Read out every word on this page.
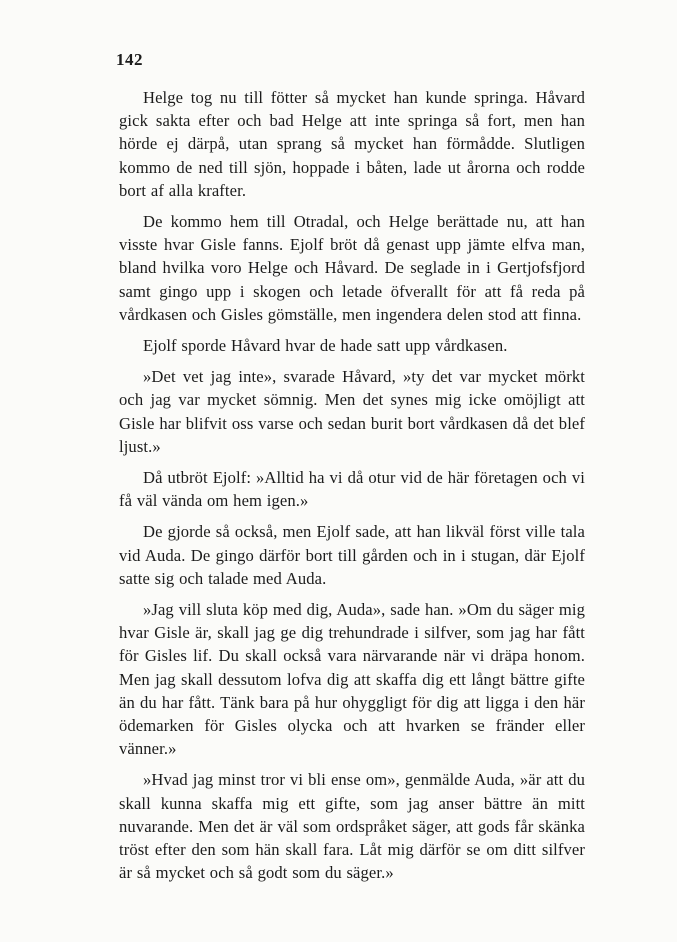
142

Helge tog nu till fötter så mycket han kunde springa. Håvard gick sakta efter och bad Helge att inte springa så fort, men han hörde ej därpå, utan sprang så mycket han förmådde. Slutligen kommo de ned till sjön, hoppade i båten, lade ut årorna och rodde bort af alla krafter.

De kommo hem till Otradal, och Helge berättade nu, att han visste hvar Gisle fanns. Ejolf bröt då genast upp jämte elfva man, bland hvilka voro Helge och Håvard. De seglade in i Gertjofsfjord samt gingo upp i skogen och letade öfverallt för att få reda på vårdkasen och Gisles gömställe, men ingendera delen stod att finna.

Ejolf sporde Håvard hvar de hade satt upp vårdkasen.

»Det vet jag inte», svarade Håvard, »ty det var mycket mörkt och jag var mycket sömnig. Men det synes mig icke omöjligt att Gisle har blifvit oss varse och sedan burit bort vårdkasen då det blef ljust.»

Då utbröt Ejolf: »Alltid ha vi då otur vid de här företagen och vi få väl vända om hem igen.»

De gjorde så också, men Ejolf sade, att han likväl först ville tala vid Auda. De gingo därför bort till gården och in i stugan, där Ejolf satte sig och talade med Auda.

»Jag vill sluta köp med dig, Auda», sade han. »Om du säger mig hvar Gisle är, skall jag ge dig trehundrade i silfver, som jag har fått för Gisles lif. Du skall också vara närvarande när vi dräpa honom. Men jag skall dessutom lofva dig att skaffa dig ett långt bättre gifte än du har fått. Tänk bara på hur ohyggligt för dig att ligga i den här ödemarken för Gisles olycka och att hvarken se fränder eller vänner.»

»Hvad jag minst tror vi bli ense om», genmälde Auda, »är att du skall kunna skaffa mig ett gifte, som jag anser bättre än mitt nuvarande. Men det är väl som ordspråket säger, att gods får skänka tröst efter den som hän skall fara. Låt mig därför se om ditt silfver är så mycket och så godt som du säger.»
